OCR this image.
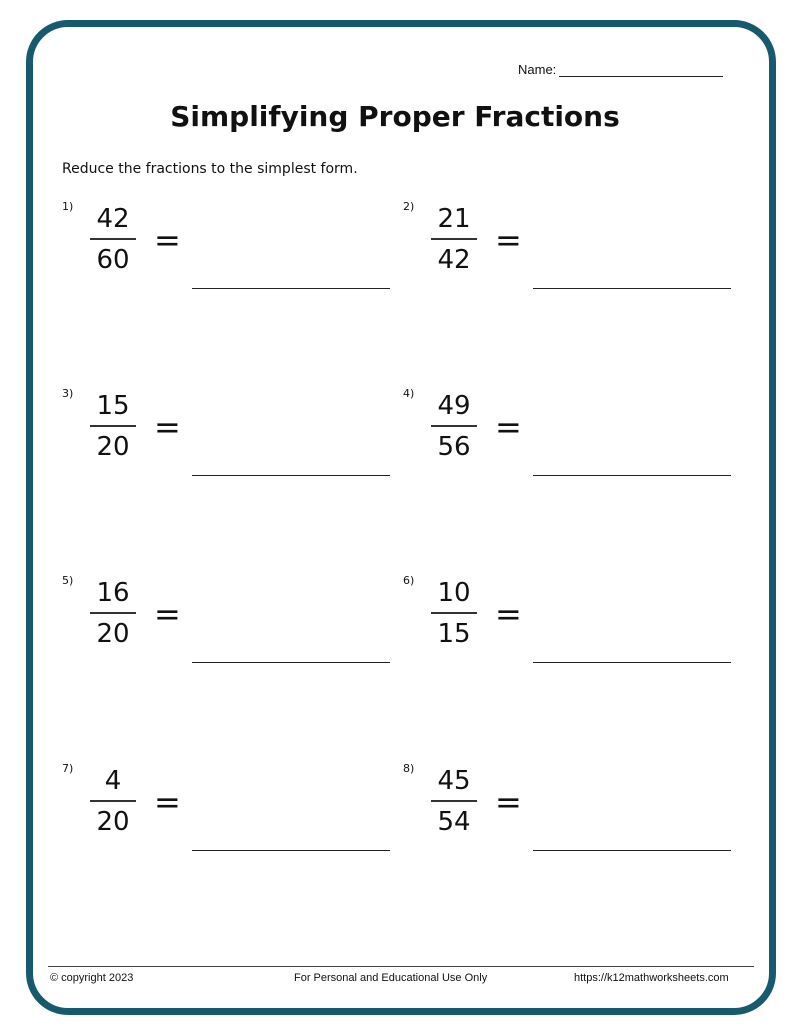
Name:
Simplifying Proper Fractions
Reduce the fractions to the simplest form.
1) 42
60
=
2) 21
42
=
3) 15
20
=
4) 49
56
=
5) 16
20
=
6) 10
15
=
7)	4
20
=
8) 45
54
=
© copyright 2023	For Personal and Educational Use Only	https://k12mathworksheets.com
